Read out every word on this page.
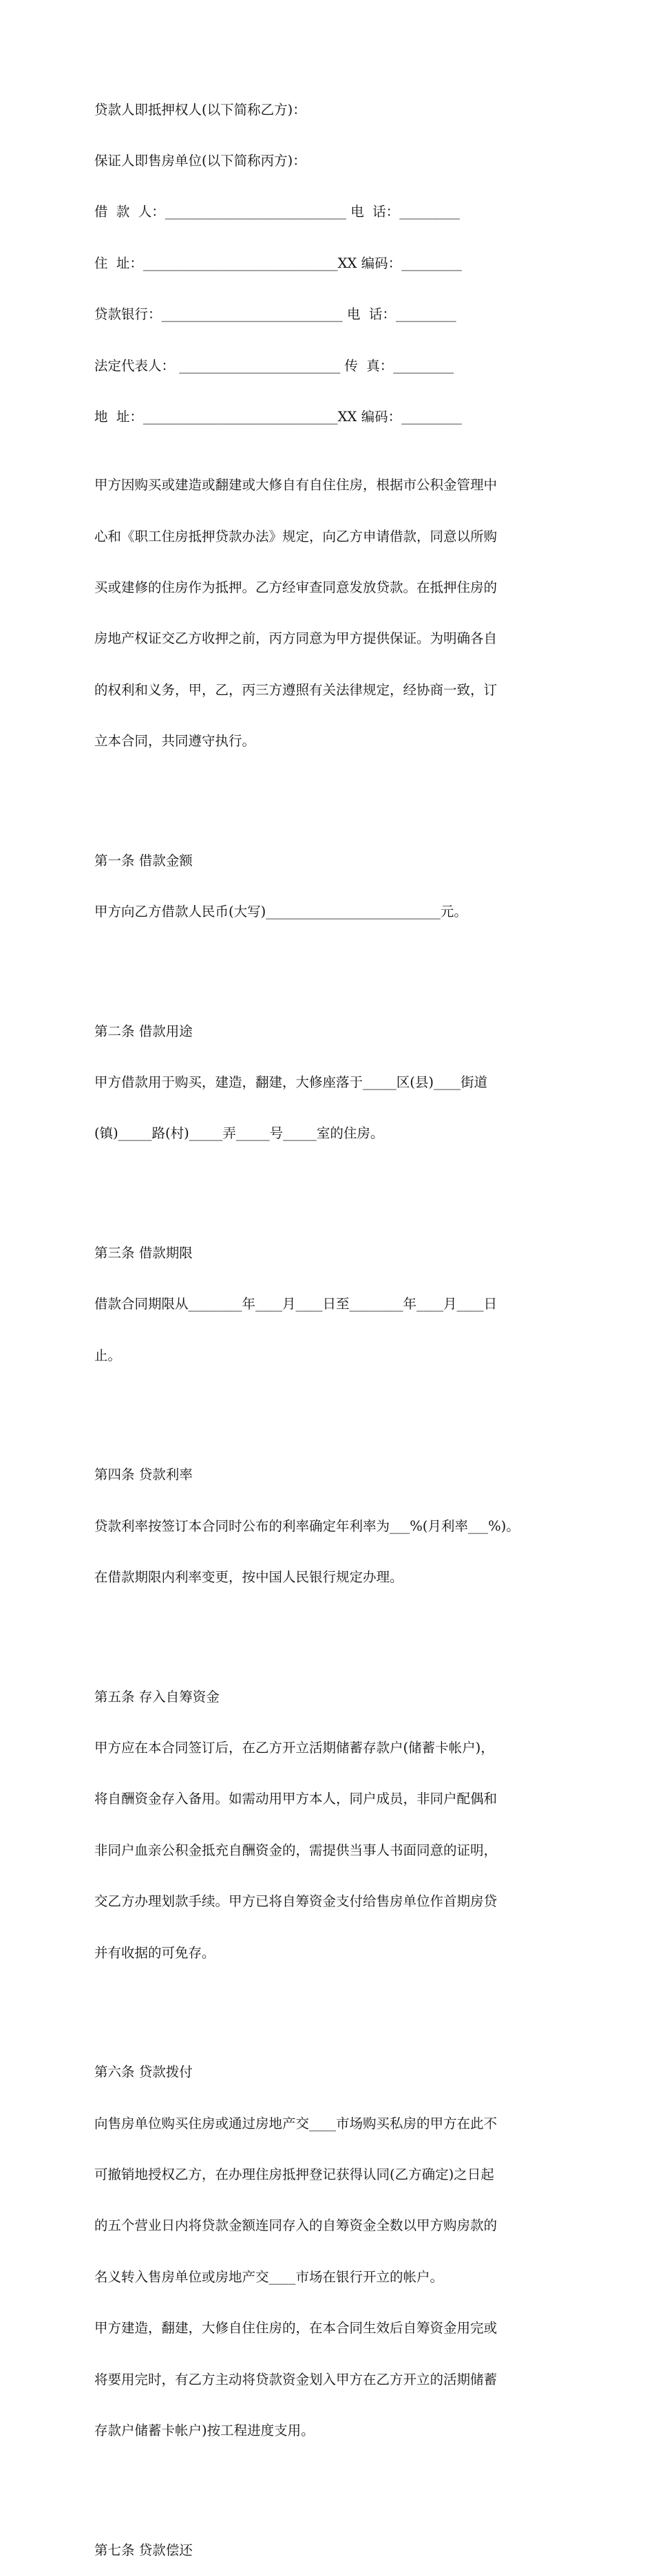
贷款人即抵押权人(以下简称乙方)：

保证人即售房单位(以下简称丙方)：

借  款  人：___________________________ 电  话：_________

住  址：_____________________________XX 编码：_________

贷款银行：___________________________ 电  话：_________

法定代表人： ________________________ 传  真：_________

地  址：_____________________________XX 编码：_________

甲方因购买或建造或翻建或大修自有自住住房，根据市公积金管理中

心和《职工住房抵押贷款办法》规定，向乙方申请借款，同意以所购

买或建修的住房作为抵押。乙方经审查同意发放贷款。在抵押住房的

房地产权证交乙方收押之前，丙方同意为甲方提供保证。为明确各自

的权利和义务，甲，乙，丙三方遵照有关法律规定，经协商一致，订

立本合同，共同遵守执行。

第一条 借款金额

甲方向乙方借款人民币(大写)__________________________元。

第二条 借款用途

甲方借款用于购买，建造，翻建，大修座落于_____区(县)____街道

(镇)_____路(村)_____弄_____号_____室的住房。

第三条 借款期限

借款合同期限从________年____月____日至________年____月____日

止。

第四条 贷款利率

贷款利率按签订本合同时公布的利率确定年利率为___%(月利率___%)。

在借款期限内利率变更，按中国人民银行规定办理。

第五条 存入自筹资金

甲方应在本合同签订后，在乙方开立活期储蓄存款户(储蓄卡帐户)，

将自酬资金存入备用。如需动用甲方本人，同户成员，非同户配偶和

非同户血亲公积金抵充自酬资金的，需提供当事人书面同意的证明，

交乙方办理划款手续。甲方已将自筹资金支付给售房单位作首期房贷

并有收据的可免存。

第六条 贷款拨付

向售房单位购买住房或通过房地产交____市场购买私房的甲方在此不

可撤销地授权乙方，在办理住房抵押登记获得认同(乙方确定)之日起

的五个营业日内将贷款金额连同存入的自筹资金全数以甲方购房款的

名义转入售房单位或房地产交____市场在银行开立的帐户。

甲方建造，翻建，大修自住住房的，在本合同生效后自筹资金用完或

将要用完时，有乙方主动将贷款资金划入甲方在乙方开立的活期储蓄

存款户储蓄卡帐户)按工程进度支用。

第七条 贷款偿还
